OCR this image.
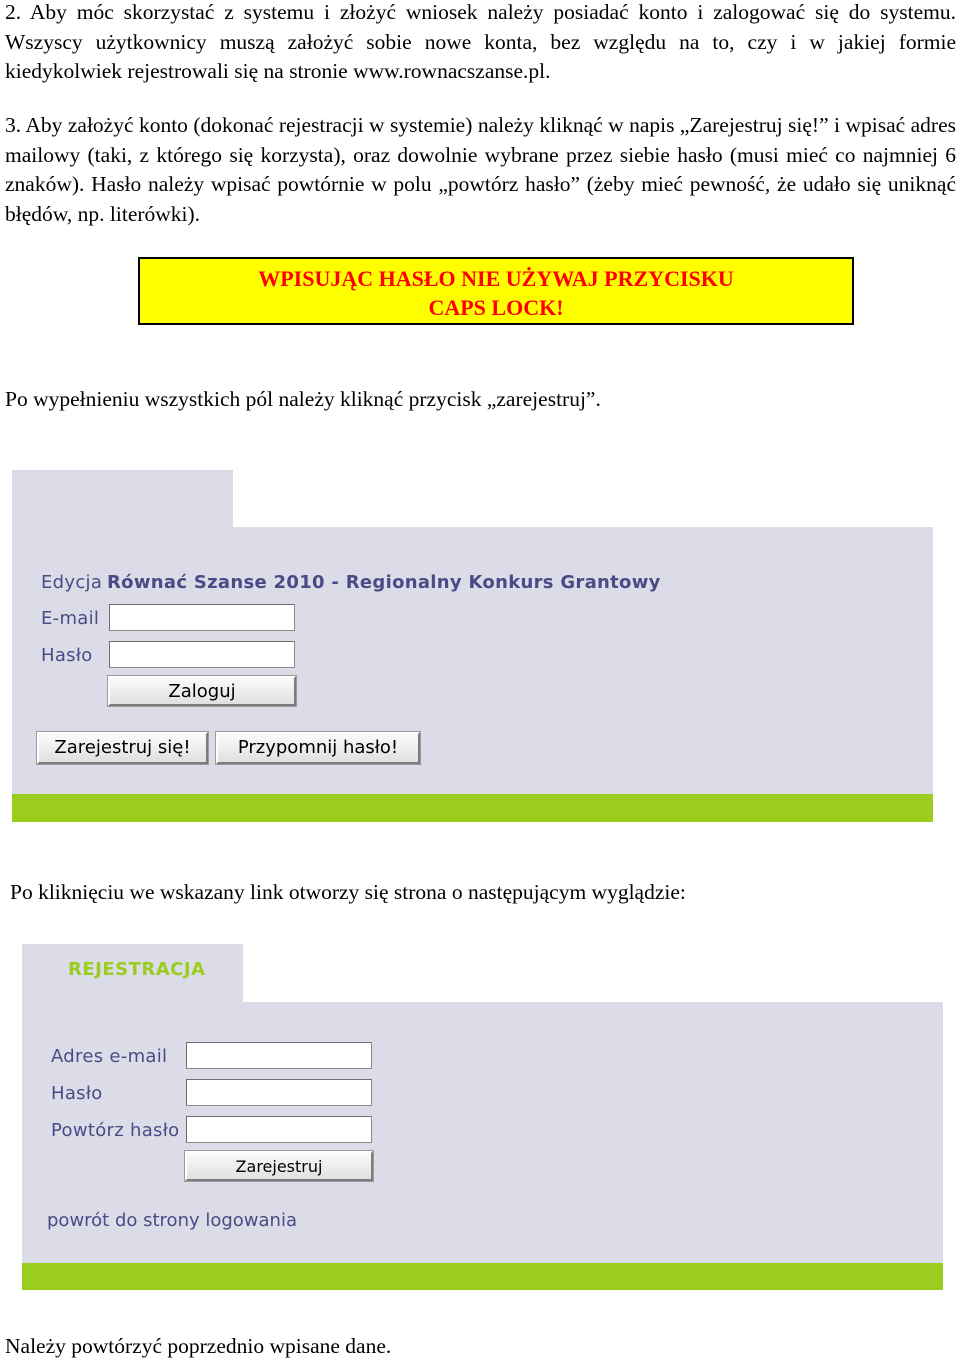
2. Aby móc skorzystać z systemu i złożyć wniosek należy posiadać konto i zalogować się do systemu. Wszyscy użytkownicy muszą założyć sobie nowe konta, bez względu na to, czy i w jakiej formie kiedykolwiek rejestrowali się na stronie www.rownacszanse.pl.

3. Aby założyć konto (dokonać rejestracji w systemie) należy kliknąć w napis „Zarejestruj się!” i wpisać adres mailowy (taki, z którego się korzysta), oraz dowolnie wybrane przez siebie hasło (musi mieć co najmniej 6 znaków). Hasło należy wpisać powtórnie w polu „powtórz hasło” (żeby mieć pewność, że udało się uniknąć błędów, np. literówki).

WPISUJĄC HASŁO NIE UŻYWAJ PRZYCISKU
CAPS LOCK!

Po wypełnieniu wszystkich pól należy kliknąć przycisk „zarejestruj”.

Edycja Równać Szanse 2010 - Regionalny Konkurs Grantowy
E-mail
Hasło
Zaloguj
Zarejestruj się!	Przypomnij hasło!

Po kliknięciu we wskazany link otworzy się strona o następującym wyglądzie:

REJESTRACJA
Adres e-mail
Hasło
Powtórz hasło
Zarejestruj
powrót do strony logowania

Należy powtórzyć poprzednio wpisane dane.
